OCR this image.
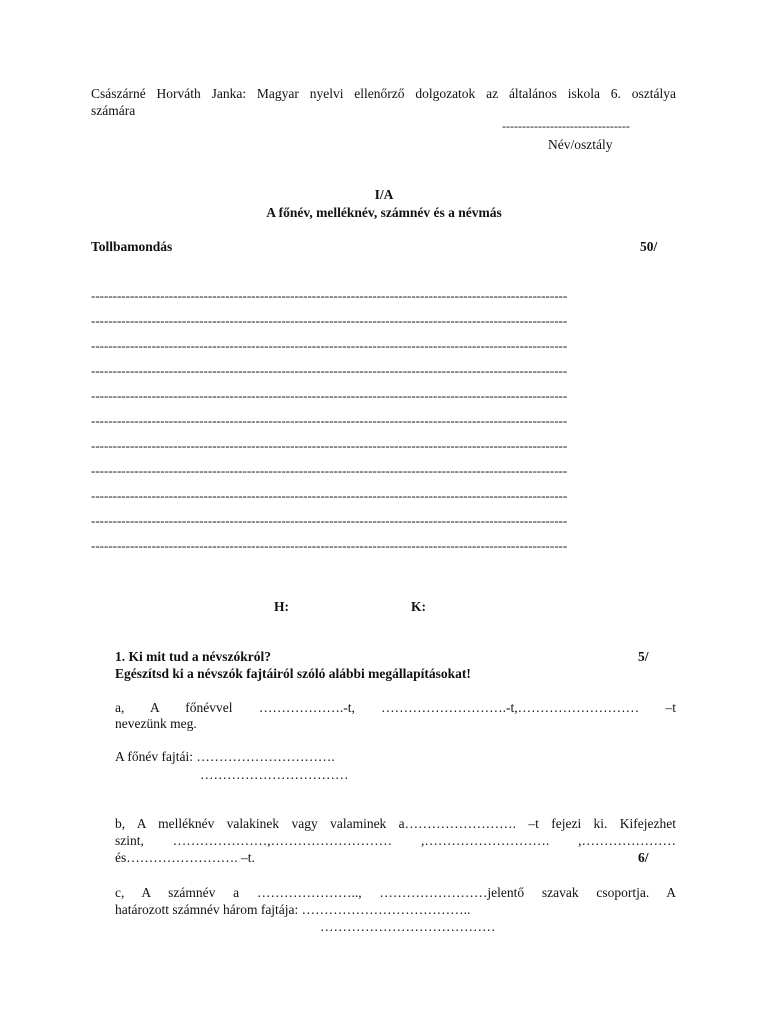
Császárné Horváth Janka: Magyar nyelvi ellenőrző dolgozatok az általános iskola 6. osztálya
számára
--------------------------------
Név/osztály
I/A
A főnév, melléknév, számnév és a névmás
Tollbamondás	50/
--------------------------------------------------------------------------------------------------------------
--------------------------------------------------------------------------------------------------------------
--------------------------------------------------------------------------------------------------------------
--------------------------------------------------------------------------------------------------------------
--------------------------------------------------------------------------------------------------------------
--------------------------------------------------------------------------------------------------------------
--------------------------------------------------------------------------------------------------------------
--------------------------------------------------------------------------------------------------------------
--------------------------------------------------------------------------------------------------------------
--------------------------------------------------------------------------------------------------------------
--------------------------------------------------------------------------------------------------------------
H:	K:
1. Ki mit tud a névszókról?	5/
Egészítsd ki a névszók fajtáiról szóló alábbi megállapításokat!
a, A főnévvel ……………….-t, ……………………….-t,……………………… –t
nevezünk meg.
A főnév fajtái: ………………………….
……………………………
b, A melléknév valakinek vagy valaminek a……………………. –t fejezi ki. Kifejezhet
szint, …………………,……………………… ,………………………. ,…………………
és……………………. –t.	6/
c, A számnév a ………………….., ……………………jelentő szavak csoportja. A
határozott számnév három fajtája: ………………………………..
…………………………………
